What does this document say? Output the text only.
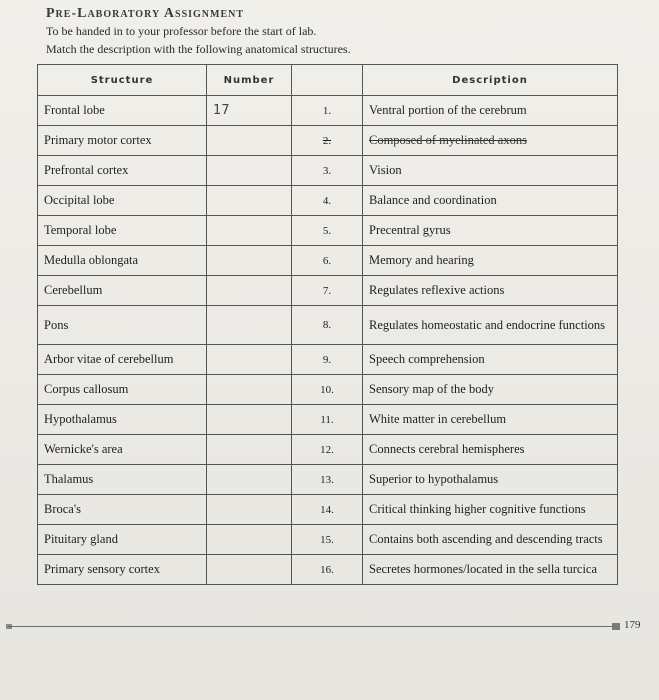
Pre-Laboratory Assignment
To be handed in to your professor before the start of lab.
Match the description with the following anatomical structures.
Structure	Number		Description
Frontal lobe	17	1.	Ventral portion of the cerebrum
Primary motor cortex		2.	Composed of myelinated axons
Prefrontal cortex		3.	Vision
Occipital lobe		4.	Balance and coordination
Temporal lobe		5.	Precentral gyrus
Medulla oblongata		6.	Memory and hearing
Cerebellum		7.	Regulates reflexive actions
Pons		8.	Regulates homeostatic and endocrine functions
Arbor vitae of cerebellum		9.	Speech comprehension
Corpus callosum		10.	Sensory map of the body
Hypothalamus		11.	White matter in cerebellum
Wernicke's area		12.	Connects cerebral hemispheres
Thalamus		13.	Superior to hypothalamus
Broca's		14.	Critical thinking higher cognitive functions
Pituitary gland		15.	Contains both ascending and descending tracts
Primary sensory cortex		16.	Secretes hormones/located in the sella turcica
179
